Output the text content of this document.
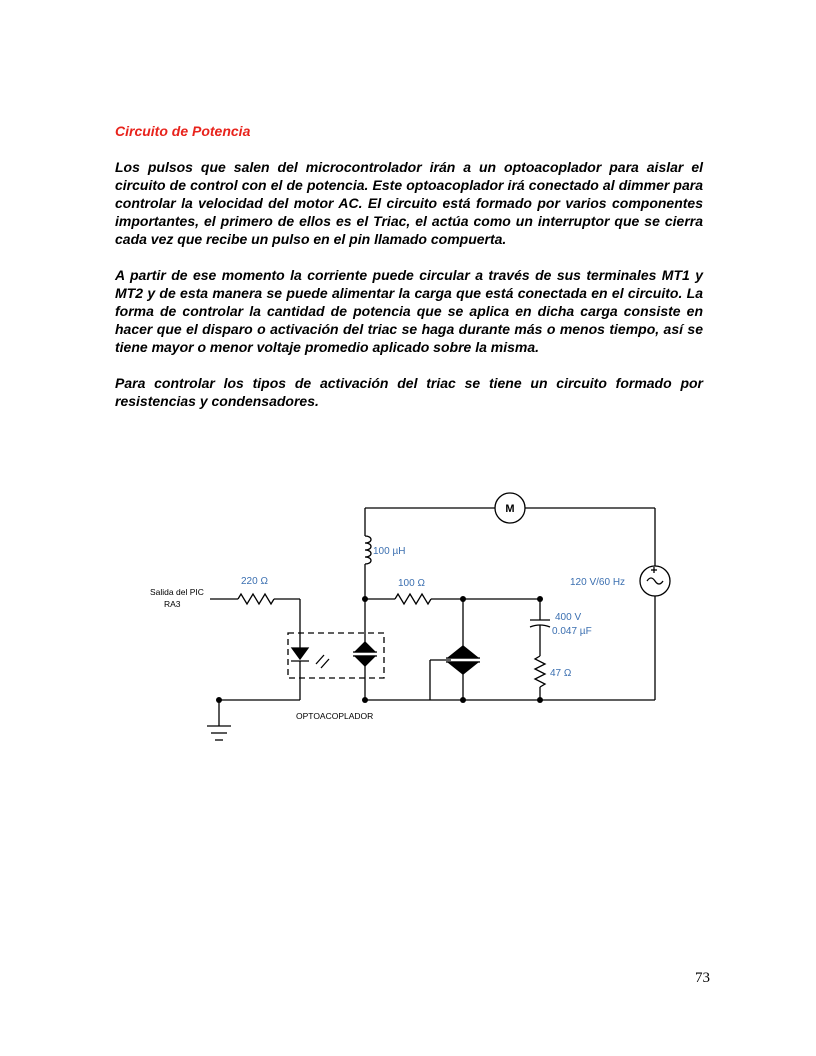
Circuito de Potencia

Los pulsos que salen del microcontrolador irán a un optoacoplador para aislar el circuito de control con el de potencia. Este optoacoplador irá conectado al dimmer para controlar la velocidad del motor AC. El circuito está formado por varios componentes importantes, el primero de ellos es el Triac, el actúa como un interruptor que se cierra cada vez que recibe un pulso en el pin llamado compuerta.

A partir de ese momento la corriente puede circular a través de sus terminales MT1 y MT2 y de esta manera se puede alimentar la carga que está conectada en el circuito. La forma de controlar la cantidad de potencia que se aplica en dicha carga consiste en hacer que el disparo o activación del triac se haga durante más o menos tiempo, así se tiene mayor o menor voltaje promedio aplicado sobre la misma.

Para controlar los tipos de activación del triac se tiene un circuito formado por resistencias y condensadores.

Salida del PIC
RA3
220 Ω
100 µH
100 Ω
M
120 V/60 Hz
400 V
0.047 µF
47 Ω
OPTOACOPLADOR
73
